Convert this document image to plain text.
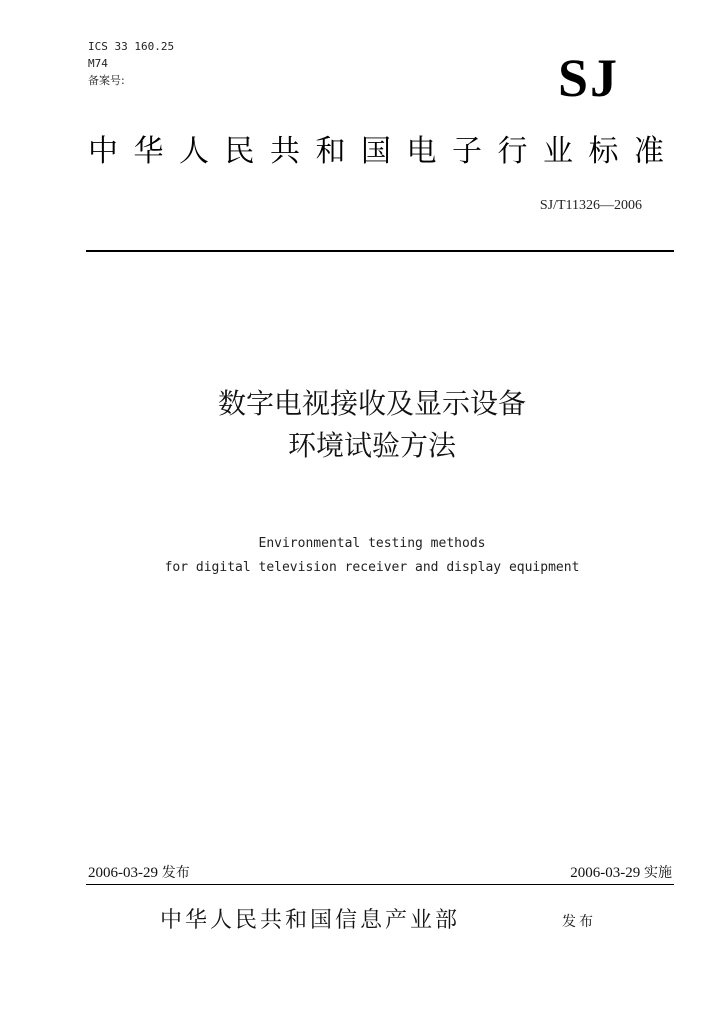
ICS 33 160.25
M74
备案号:	SJ
中华人民共和国电子行业标准
SJ/T11326—2006
数字电视接收及显示设备
环境试验方法
Environmental testing methods
for digital television receiver and display equipment
2006-03-29 发布	2006-03-29 实施
中华人民共和国信息产业部	发布
